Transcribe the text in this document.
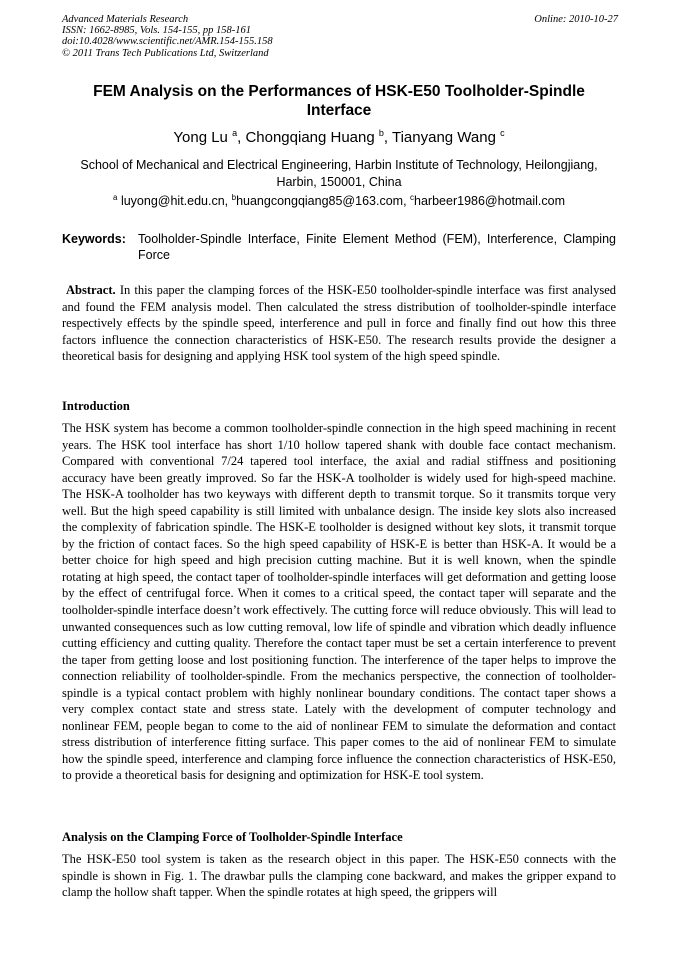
Advanced Materials Research
ISSN: 1662-8985, Vols. 154-155, pp 158-161
doi:10.4028/www.scientific.net/AMR.154-155.158
© 2011 Trans Tech Publications Ltd, Switzerland
Online: 2010-10-27
FEM Analysis on the Performances of HSK-E50 Toolholder-Spindle Interface
Yong Lu $^a$, Chongqiang Huang $^b$, Tianyang Wang $^c$
School of Mechanical and Electrical Engineering, Harbin Institute of Technology, Heilongjiang, Harbin, 150001, China
$^a$ luyong@hit.edu.cn, $^b$huangcongqiang85@163.com, $^c$harbeer1986@hotmail.com
Keywords: Toolholder-Spindle Interface, Finite Element Method (FEM), Interference, Clamping Force
Abstract. In this paper the clamping forces of the HSK-E50 toolholder-spindle interface was first analysed and found the FEM analysis model. Then calculated the stress distribution of toolholder-spindle interface respectively effects by the spindle speed, interference and pull in force and finally find out how this three factors influence the connection characteristics of HSK-E50. The research results provide the designer a theoretical basis for designing and applying HSK tool system of the high speed spindle.
Introduction
The HSK system has become a common toolholder-spindle connection in the high speed machining in recent years. The HSK tool interface has short 1/10 hollow tapered shank with double face contact mechanism. Compared with conventional 7/24 tapered tool interface, the axial and radial stiffness and positioning accuracy have been greatly improved. So far the HSK-A toolholder is widely used for high-speed machine. The HSK-A toolholder has two keyways with different depth to transmit torque. So it transmits torque very well. But the high speed capability is still limited with unbalance design. The inside key slots also increased the complexity of fabrication spindle. The HSK-E toolholder is designed without key slots, it transmit torque by the friction of contact faces. So the high speed capability of HSK-E is better than HSK-A. It would be a better choice for high speed and high precision cutting machine. But it is well known, when the spindle rotating at high speed, the contact taper of toolholder-spindle interfaces will get deformation and getting loose by the effect of centrifugal force. When it comes to a critical speed, the contact taper will separate and the toolholder-spindle interface doesn’t work effectively. The cutting force will reduce obviously. This will lead to unwanted consequences such as low cutting removal, low life of spindle and vibration which deadly influence cutting efficiency and cutting quality. Therefore the contact taper must be set a certain interference to prevent the taper from getting loose and lost positioning function. The interference of the taper helps to improve the connection reliability of toolholder-spindle. From the mechanics perspective, the connection of toolholder-spindle is a typical contact problem with highly nonlinear boundary conditions. The contact taper shows a very complex contact state and stress state. Lately with the development of computer technology and nonlinear FEM, people began to come to the aid of nonlinear FEM to simulate the deformation and contact stress distribution of interference fitting surface. This paper comes to the aid of nonlinear FEM to simulate how the spindle speed, interference and clamping force influence the connection characteristics of HSK-E50, to provide a theoretical basis for designing and optimization for HSK-E tool system.
Analysis on the Clamping Force of Toolholder-Spindle Interface
The HSK-E50 tool system is taken as the research object in this paper. The HSK-E50 connects with the spindle is shown in Fig. 1. The drawbar pulls the clamping cone backward, and makes the gripper expand to clamp the hollow shaft tapper. When the spindle rotates at high speed, the grippers will
